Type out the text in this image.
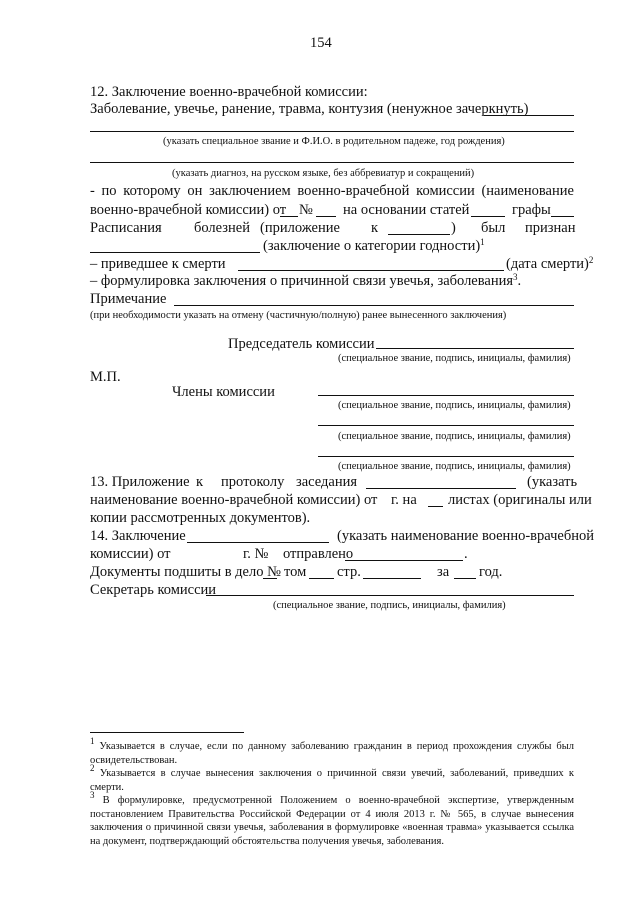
154
12. Заключение военно-врачебной комиссии:
Заболевание, увечье, ранение, травма, контузия (ненужное зачеркнуть)
(указать специальное звание и Ф.И.О. в родительном падеже, год рождения)
(указать диагноз, на русском языке, без аббревиатур и сокращений)
- по которому он заключением военно-врачебной комиссии (наименование
военно-врачебной комиссии) от № на основании статей	графы
Расписания болезней (приложение к	) был признан
(заключение о категории годности)$^1$
– приведшее к смерти	(дата смерти)$^2$
– формулировка заключения о причинной связи увечья, заболевания$^3$.
Примечание
(при необходимости указать на отмену (частичную/полную) ранее вынесенного заключения)
Председатель комиссии
(специальное звание, подпись, инициалы, фамилия)
М.П.
Члены комиссии
(специальное звание, подпись, инициалы, фамилия)
(специальное звание, подпись, инициалы, фамилия)
(специальное звание, подпись, инициалы, фамилия)
13. Приложение к протоколу заседания	(указать
наименование военно-врачебной комиссии) от г. на листах (оригиналы или
копии рассмотренных документов).
14. Заключение	(указать наименование военно-врачебной
комиссии) от	г. № отправлено	.
Документы подшиты в дело № том стр.	за год.
Секретарь комиссии
(специальное звание, подпись, инициалы, фамилия)
$^1$ Указывается в случае, если по данному заболеванию гражданин в период прохождения службы был освидетельствован.
$^2$ Указывается в случае вынесения заключения о причинной связи увечий, заболеваний, приведших к смерти.
$^3$ В формулировке, предусмотренной Положением о военно-врачебной экспертизе, утвержденным постановлением Правительства Российской Федерации от 4 июля 2013 г. № 565, в случае вынесения заключения о причинной связи увечья, заболевания в формулировке «военная травма» указывается ссылка на документ, подтверждающий обстоятельства получения увечья, заболевания.
